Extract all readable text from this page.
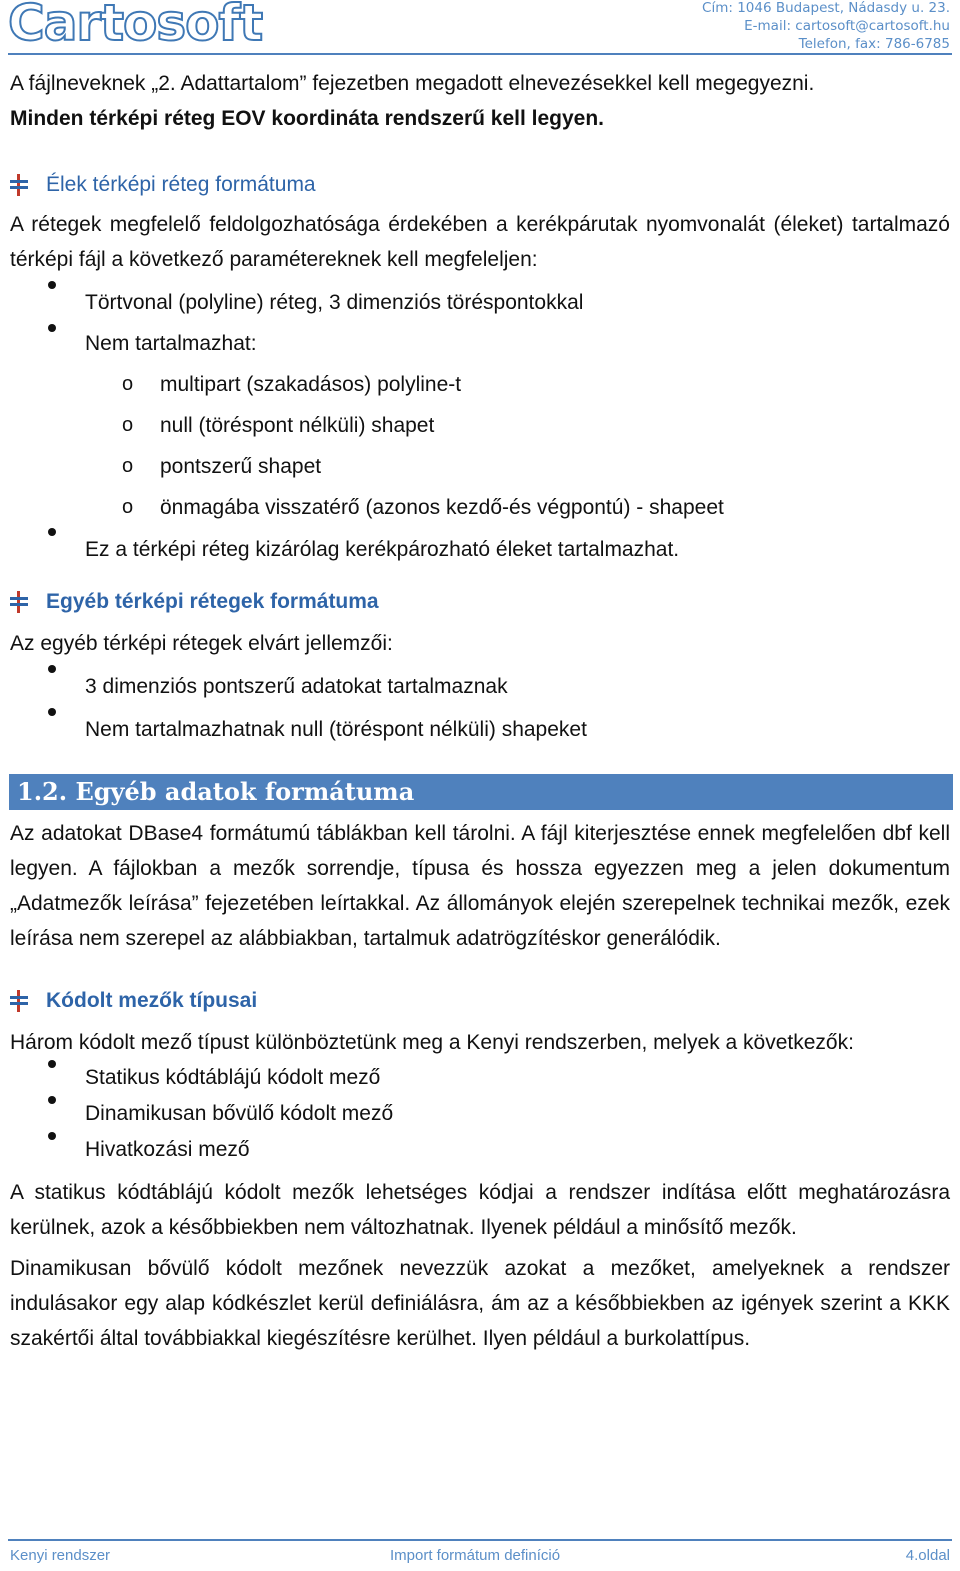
Cartosoft	Cím: 1046 Budapest, Nádasdy u. 23.
E-mail: cartosoft@cartosoft.hu
Telefon, fax: 786-6785

A fájlneveknek „2. Adattartalom” fejezetben megadott elnevezésekkel kell megegyezni.

Minden térképi réteg EOV koordináta rendszerű kell legyen.

Élek térképi réteg formátuma

A rétegek megfelelő feldolgozhatósága érdekében a kerékpárutak nyomvonalát (éleket) tartalmazó térképi fájl a következő paramétereknek kell megfeleljen:

Törtvonal (polyline) réteg, 3 dimenziós töréspontokkal
Nem tartalmazhat:
o multipart (szakadásos) polyline-t
o null (töréspont nélküli) shapet
o pontszerű shapet
o önmagába visszatérő (azonos kezdő-és végpontú) - shapeet
Ez a térképi réteg kizárólag kerékpározható éleket tartalmazhat.
Egyéb térképi rétegek formátuma

Az egyéb térképi rétegek elvárt jellemzői:

3 dimenziós pontszerű adatokat tartalmaznak
Nem tartalmazhatnak null (töréspont nélküli) shapeket
1.2. Egyéb adatok formátuma

Az adatokat DBase4 formátumú táblákban kell tárolni. A fájl kiterjesztése ennek megfelelően dbf kell legyen. A fájlokban a mezők sorrendje, típusa és hossza egyezzen meg a jelen dokumentum „Adatmezők leírása” fejezetében leírtakkal. Az állományok elején szerepelnek technikai mezők, ezek leírása nem szerepel az alábbiakban, tartalmuk adatrögzítéskor generálódik.

Kódolt mezők típusai

Három kódolt mező típust különböztetünk meg a Kenyi rendszerben, melyek a következők:

Statikus kódtáblájú kódolt mező
Dinamikusan bővülő kódolt mező
Hivatkozási mező

A statikus kódtáblájú kódolt mezők lehetséges kódjai a rendszer indítása előtt meghatározásra kerülnek, azok a későbbiekben nem változhatnak. Ilyenek például a minősítő mezők.

Dinamikusan bővülő kódolt mezőnek nevezzük azokat a mezőket, amelyeknek a rendszer indulásakor egy alap kódkészlet kerül definiálásra, ám az a későbbiekben az igények szerint a KKK szakértői által továbbiakkal kiegészítésre kerülhet. Ilyen például a burkolattípus.

Kenyi rendszer	Import formátum definíció	4.oldal
